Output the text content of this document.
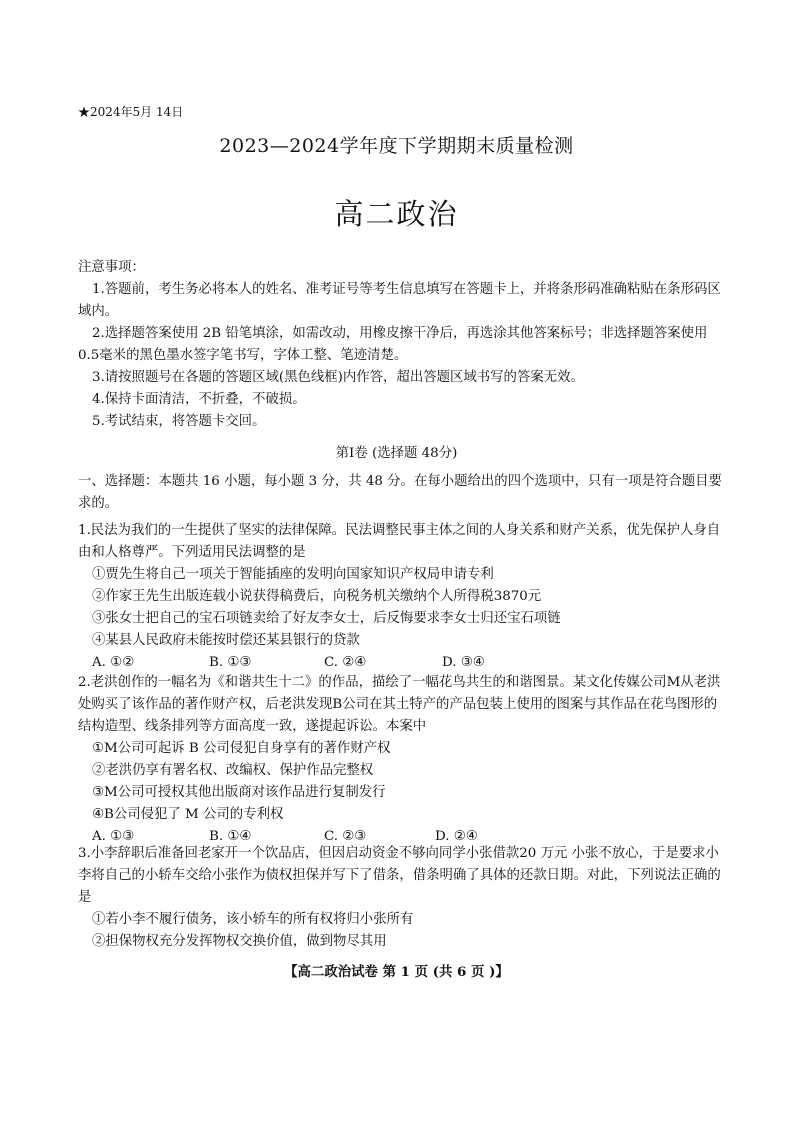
★2024年5月 14日
2023—2024学年度下学期期末质量检测
高二政治

注意事项：

1.答题前，考生务必将本人的姓名、准考证号等考生信息填写在答题卡上，并将条形码准确粘贴在条形码区域内。

2.选择题答案使用 2B 铅笔填涂，如需改动，用橡皮擦干净后，再选涂其他答案标号；非选择题答案使用0.5毫米的黑色墨水签字笔书写，字体工整、笔迹清楚。

3.请按照题号在各题的答题区域(黑色线框)内作答，超出答题区域书写的答案无效。

4.保持卡面清洁，不折叠，不破损。

5.考试结束，将答题卡交回。

第Ⅰ卷 (选择题 48分)

一、选择题：本题共 16 小题，每小题 3 分，共 48 分。在每小题给出的四个选项中，只有一项是符合题目要求的。

1.民法为我们的一生提供了坚实的法律保障。民法调整民事主体之间的人身关系和财产关系，优先保护人身自由和人格尊严。下列适用民法调整的是

①贾先生将自己一项关于智能插座的发明向国家知识产权局申请专利

②作家王先生出版连载小说获得稿费后，向税务机关缴纳个人所得税3870元

③张女士把自己的宝石项链卖给了好友李女士，后反悔要求李女士归还宝石项链

④某县人民政府未能按时偿还某县银行的贷款

A. ①②	B. ①③	C. ②④	D. ③④

2.老洪创作的一幅名为《和谐共生十二》的作品，描绘了一幅花鸟共生的和谐图景。某文化传媒公司M从老洪处购买了该作品的著作财产权，后老洪发现B公司在其土特产的产品包装上使用的图案与其作品在花鸟图形的结构造型、线条排列等方面高度一致，遂提起诉讼。本案中

①M公司可起诉 B 公司侵犯自身享有的著作财产权

②老洪仍享有署名权、改编权、保护作品完整权

③M公司可授权其他出版商对该作品进行复制发行

④B公司侵犯了 M 公司的专利权

A. ①③	B. ①④	C. ②③	D. ②④

3.小李辞职后准备回老家开一个饮品店，但因启动资金不够向同学小张借款20 万元 小张不放心，于是要求小李将自己的小轿车交给小张作为债权担保并写下了借条，借条明确了具体的还款日期。对此，下列说法正确的是

①若小李不履行债务，该小轿车的所有权将归小张所有

②担保物权充分发挥物权交换价值，做到物尽其用

【高二政治试卷 第 1 页 (共 6 页 )】
